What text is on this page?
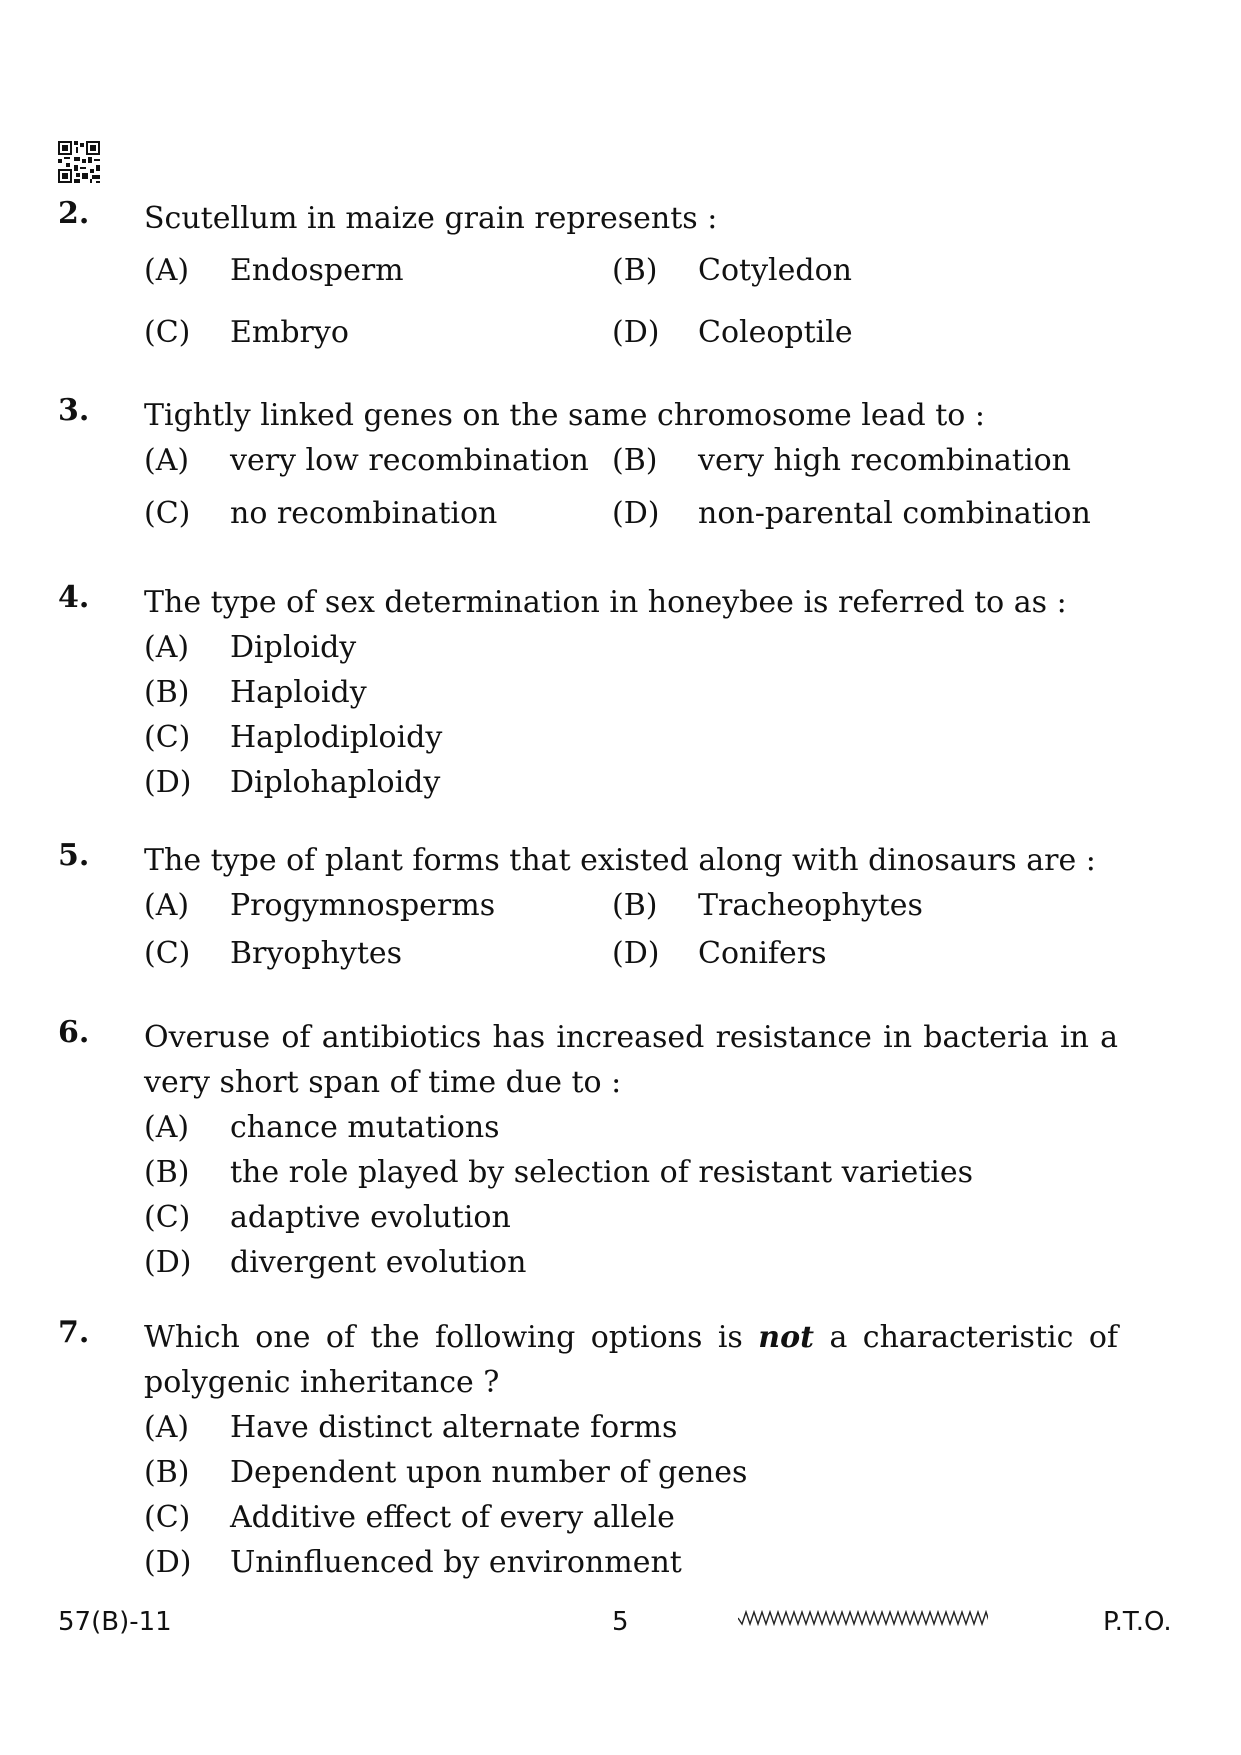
2. Scutellum in maize grain represents :
(A) Endosperm	(B) Cotyledon
(C) Embryo	(D) Coleoptile
3. Tightly linked genes on the same chromosome lead to :
(A) very low recombination (B) very high recombination
(C) no recombination	(D) non-parental combination
4. The type of sex determination in honeybee is referred to as :
(A) Diploidy
(B) Haploidy
(C) Haplodiploidy
(D) Diplohaploidy
5. The type of plant forms that existed along with dinosaurs are :
(A) Progymnosperms	(B) Tracheophytes
(C) Bryophytes	(D) Conifers
6. Overuse of antibiotics has increased resistance in bacteria in a very short span of time due to :
(A) chance mutations
(B) the role played by selection of resistant varieties
(C) adaptive evolution
(D) divergent evolution
7. Which one of the following options is not a characteristic of polygenic inheritance ?
(A) Have distinct alternate forms
(B) Dependent upon number of genes
(C) Additive effect of every allele
(D) Uninfluenced by environment
57(B)-11	5	P.T.O.
